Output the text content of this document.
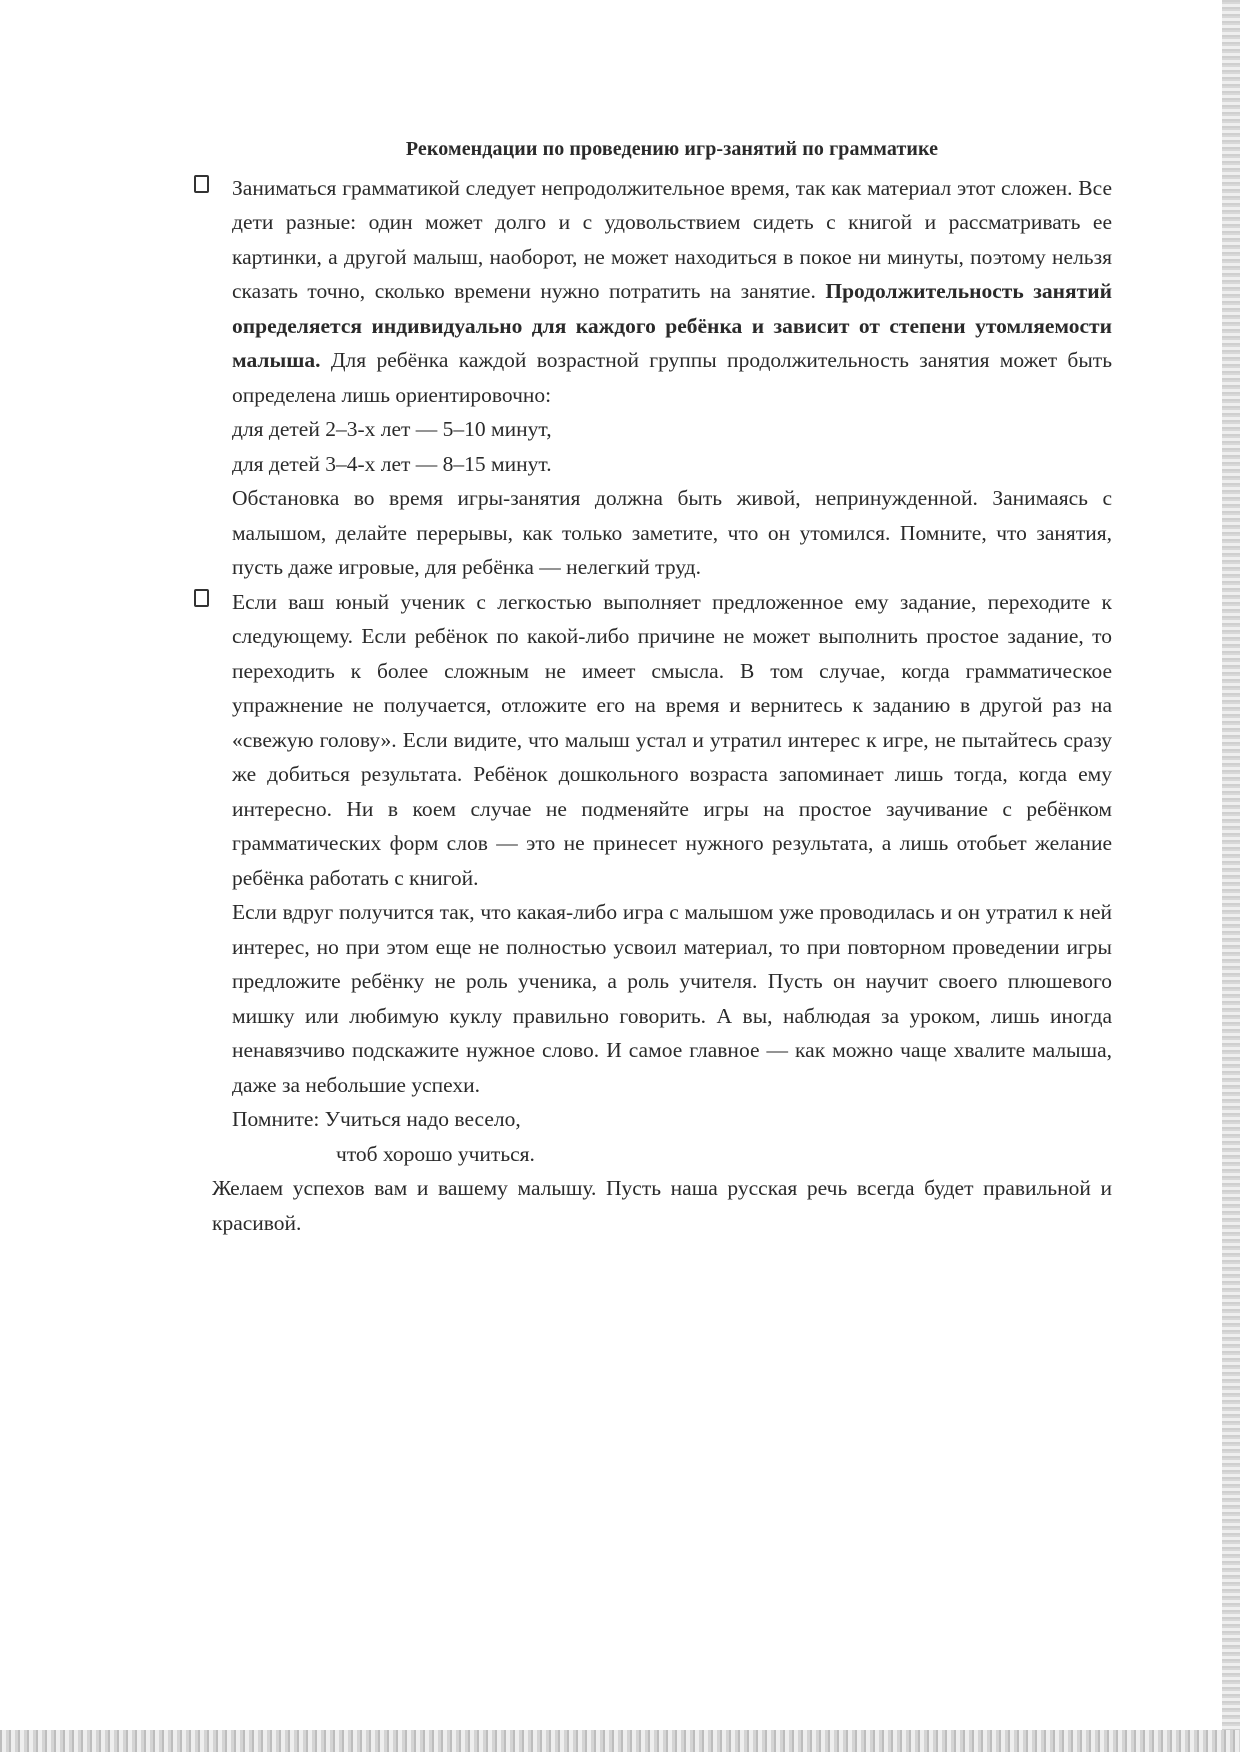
Рекомендации по проведению игр-занятий по грамматике

Заниматься грамматикой следует непродолжительное время, так как материал этот сложен. Все дети разные: один может долго и с удовольствием сидеть с книгой и рассматривать ее картинки, а другой малыш, наоборот, не может находиться в покое ни минуты, поэтому нельзя сказать точно, сколько времени нужно потратить на занятие. Продолжительность занятий определяется индивидуально для каждого ребёнка и зависит от степени утомляемости малыша. Для ребёнка каждой возрастной группы продолжительность занятия может быть определена лишь ориентировочно:

для детей 2–3-х лет — 5–10 минут,

для детей 3–4-х лет — 8–15 минут.

Обстановка во время игры-занятия должна быть живой, непринужденной. Занимаясь с малышом, делайте перерывы, как только заметите, что он утомился. Помните, что занятия, пусть даже игровые, для ребёнка — нелегкий труд.

Если ваш юный ученик с легкостью выполняет предложенное ему задание, переходите к следующему. Если ребёнок по какой-либо причине не может выполнить простое задание, то переходить к более сложным не имеет смысла. В том случае, когда грамматическое упражнение не получается, отложите его на время и вернитесь к заданию в другой раз на «свежую голову». Если видите, что малыш устал и утратил интерес к игре, не пытайтесь сразу же добиться результата. Ребёнок дошкольного возраста запоминает лишь тогда, когда ему интересно. Ни в коем случае не подменяйте игры на простое заучивание с ребёнком грамматических форм слов — это не принесет нужного результата, а лишь отобьет желание ребёнка работать с книгой.

Если вдруг получится так, что какая-либо игра с малышом уже проводилась и он утратил к ней интерес, но при этом еще не полностью усвоил материал, то при повторном проведении игры предложите ребёнку не роль ученика, а роль учителя. Пусть он научит своего плюшевого мишку или любимую куклу правильно говорить. А вы, наблюдая за уроком, лишь иногда ненавязчиво подскажите нужное слово. И самое главное — как можно чаще хвалите малыша, даже за небольшие успехи.

Помните: Учиться надо весело,

чтоб хорошо учиться.

Желаем успехов вам и вашему малышу. Пусть наша русская речь всегда будет правильной и красивой.
